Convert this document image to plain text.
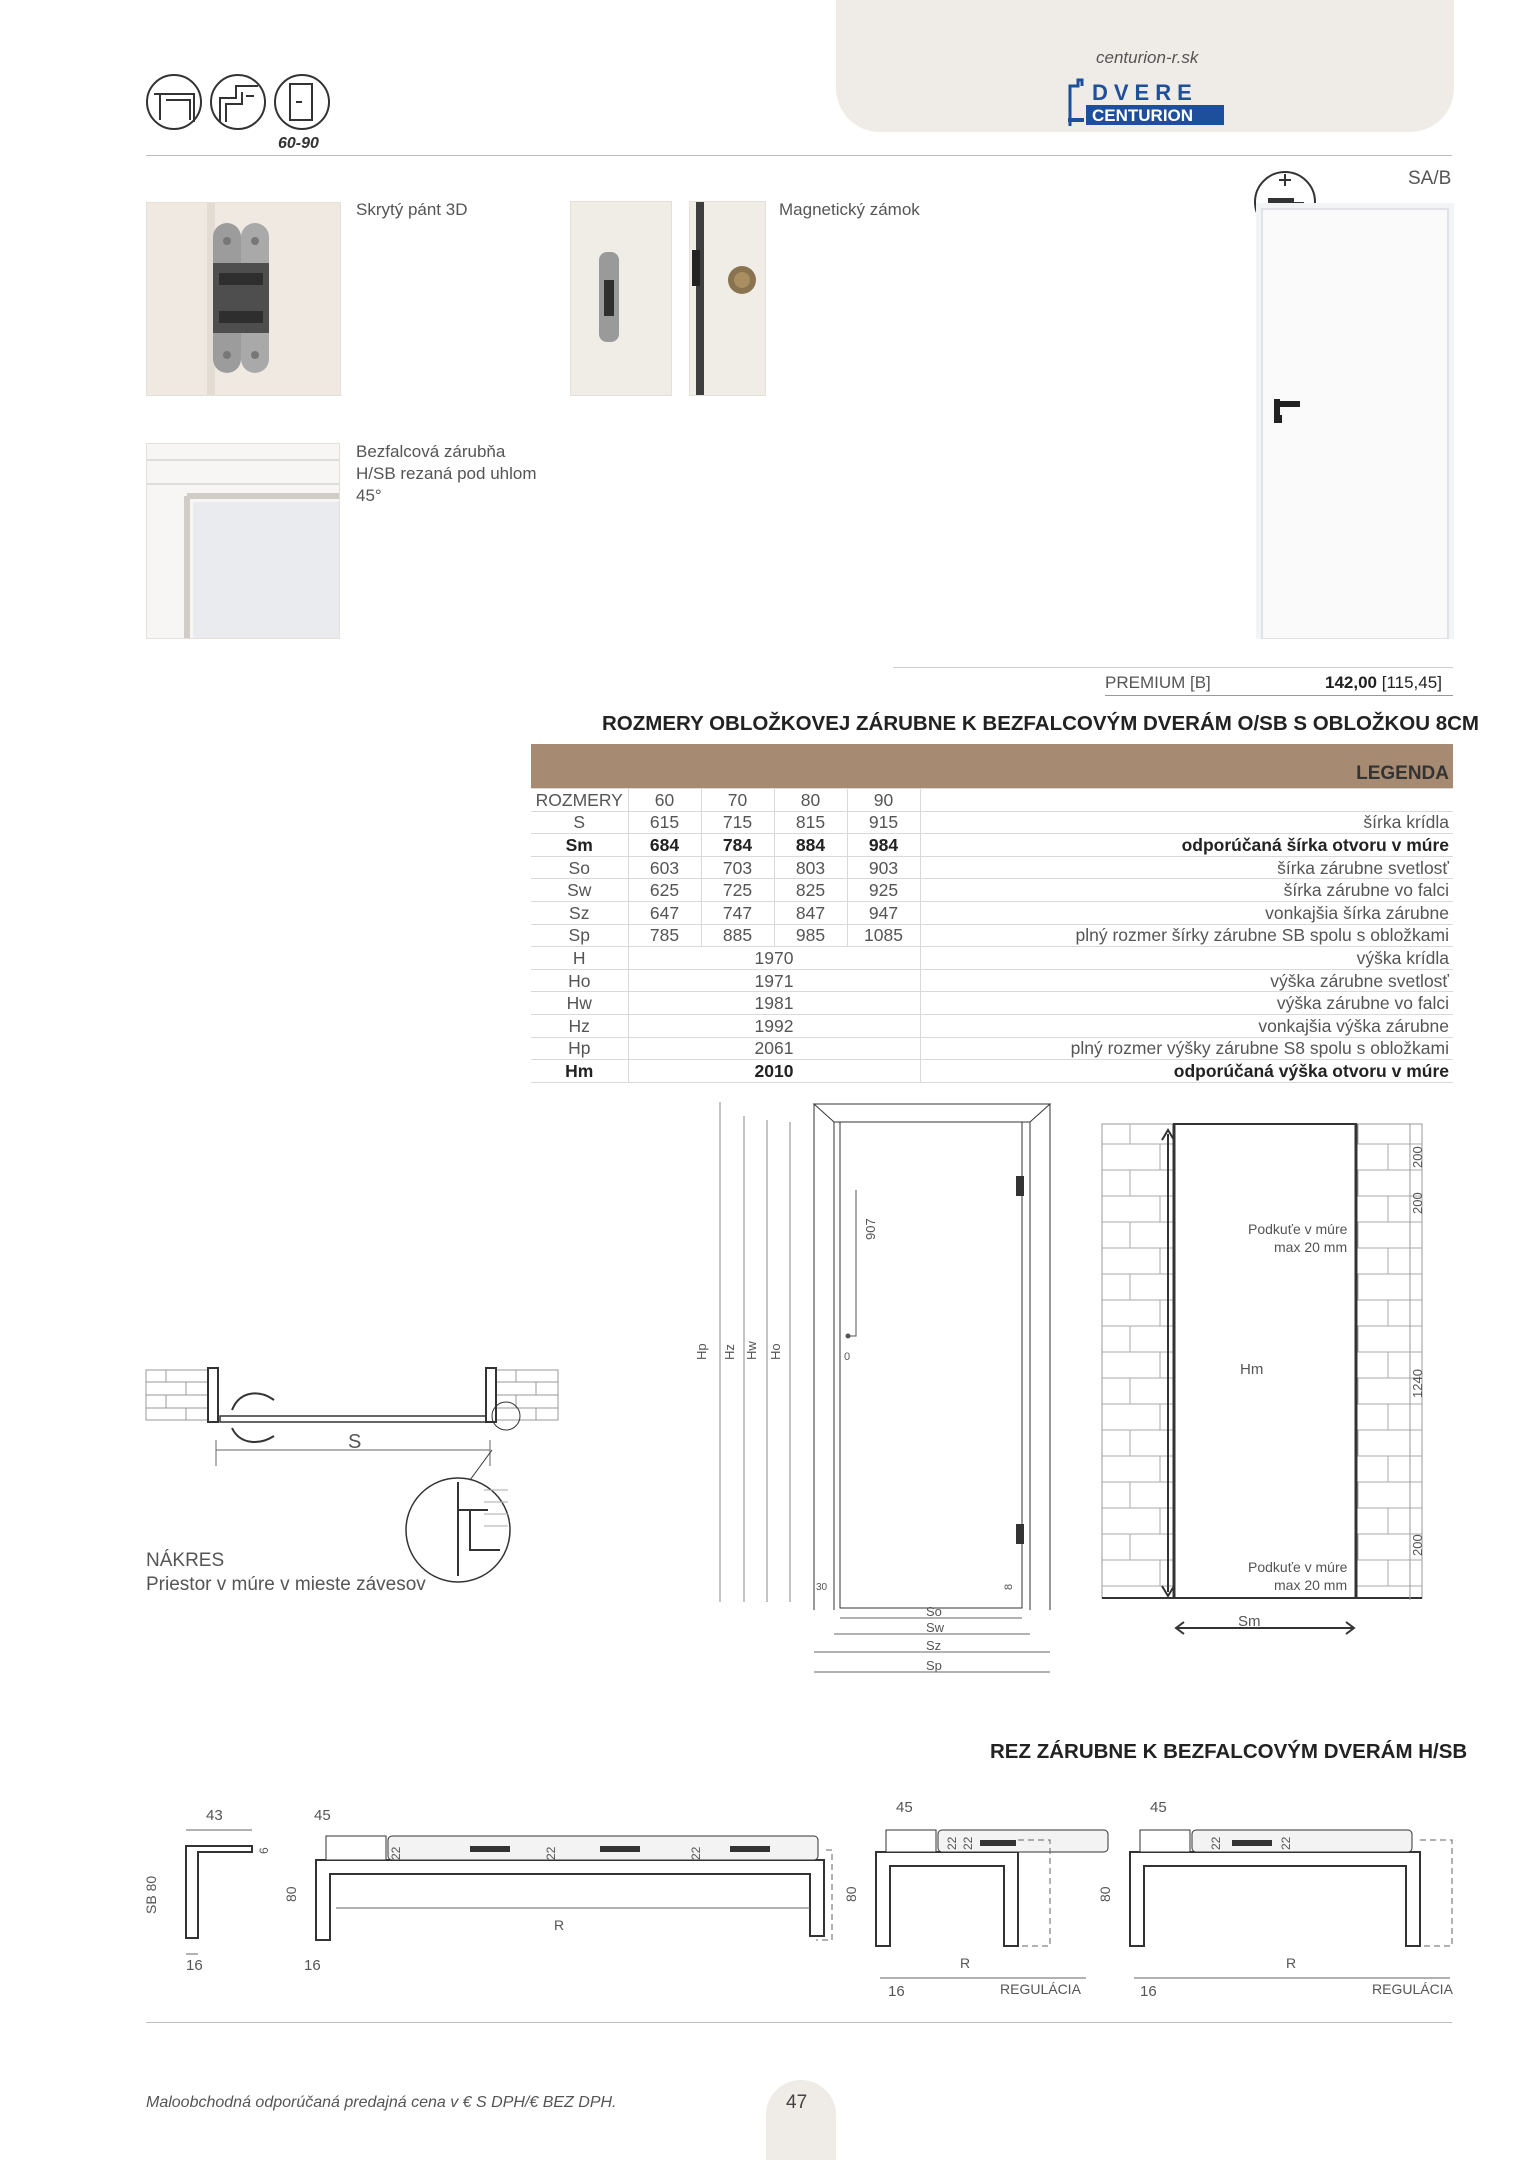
centurion-r.sk
DVERE
CENTURION
60-90
Skrytý pánt 3D	Magnetický zámok
Bezfalcová zárubňa
H/SB rezaná pod uhlom
45°
SA/B
PREMIUM [B]	142,00 [115,45]
ROZMERY OBLOŽKOVEJ ZÁRUBNE K BEZFALCOVÝM DVERÁM O/SB S OBLOŽKOU 8CM
					LEGENDA
ROZMERY	60	70	80	90	
S	615	715	815	915	šírka krídla
Sm	684	784	884	984	odporúčaná šírka otvoru v múre
So	603	703	803	903	šírka zárubne svetlosť
Sw	625	725	825	925	šírka zárubne vo falci
Sz	647	747	847	947	vonkajšia šírka zárubne
Sp	785	885	985	1085	plný rozmer šírky zárubne SB spolu s obložkami
H	1970				výška krídla
Ho	1971				výška zárubne svetlosť
Hw	1981				výška zárubne vo falci
Hz	1992				vonkajšia výška zárubne
Hp	2061				plný rozmer výšky zárubne S8 spolu s obložkami
Hm	2010				odporúčaná výška otvoru v múre
S
NÁKRES
Priestor v múre v mieste závesov
Hp Hz Hw Ho
907
0
30	8
So
Sw
Sz
Sp
Hm
Sm
Podkuťe v múre
max 20 mm
Podkuťe v múre
max 20 mm
200
200
1240
200
REZ ZÁRUBNE K BEZFALCOVÝM DVERÁM H/SB
43
6
SB 80
16
45
80
16
R
22	22	22
45
80
16
R
22 22
REGULÁCIA
45
80
16
R
22	22
REGULÁCIA
Maloobchodná odporúčaná predajná cena v € S DPH/€ BEZ DPH.	47
